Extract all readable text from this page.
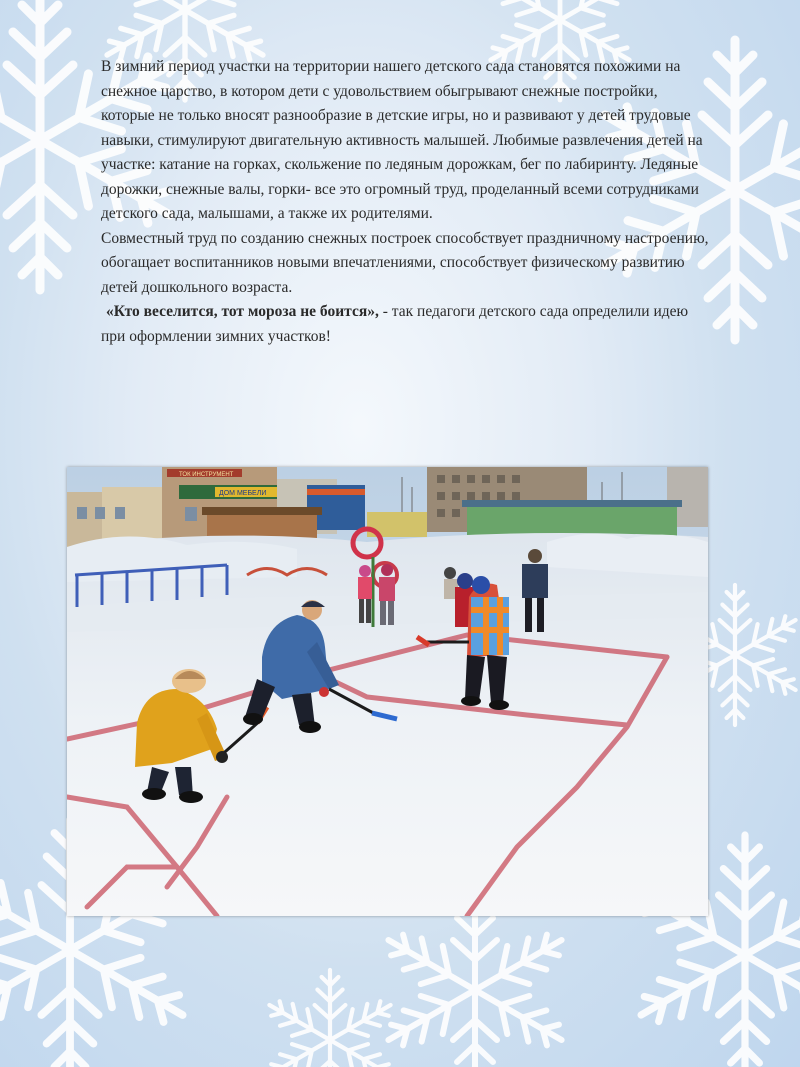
В зимний период участки на территории нашего детского сада становятся похожими на снежное царство, в котором дети с удовольствием обыгрывают снежные постройки, которые не только вносят разнообразие в детские игры, но и развивают у детей трудовые навыки, стимулируют двигательную активность малышей. Любимые развлечения детей на участке: катание на горках, скольжение по ледяным дорожкам, бег по лабиринту. Ледяные дорожки, снежные валы, горки- все это огромный труд, проделанный всеми сотрудниками детского сада, малышами, а также их родителями.

Совместный труд по созданию снежных построек способствует праздничному настроению, обогащает воспитанников новыми впечатлениями, способствует физическому развитию детей дошкольного возраста.

«Кто веселится, тот мороза не боится», - так педагоги детского сада определили идею при оформлении зимних участков!

ТОК ИНСТРУМЕНТ
ДОМ МЕБЕЛИ
